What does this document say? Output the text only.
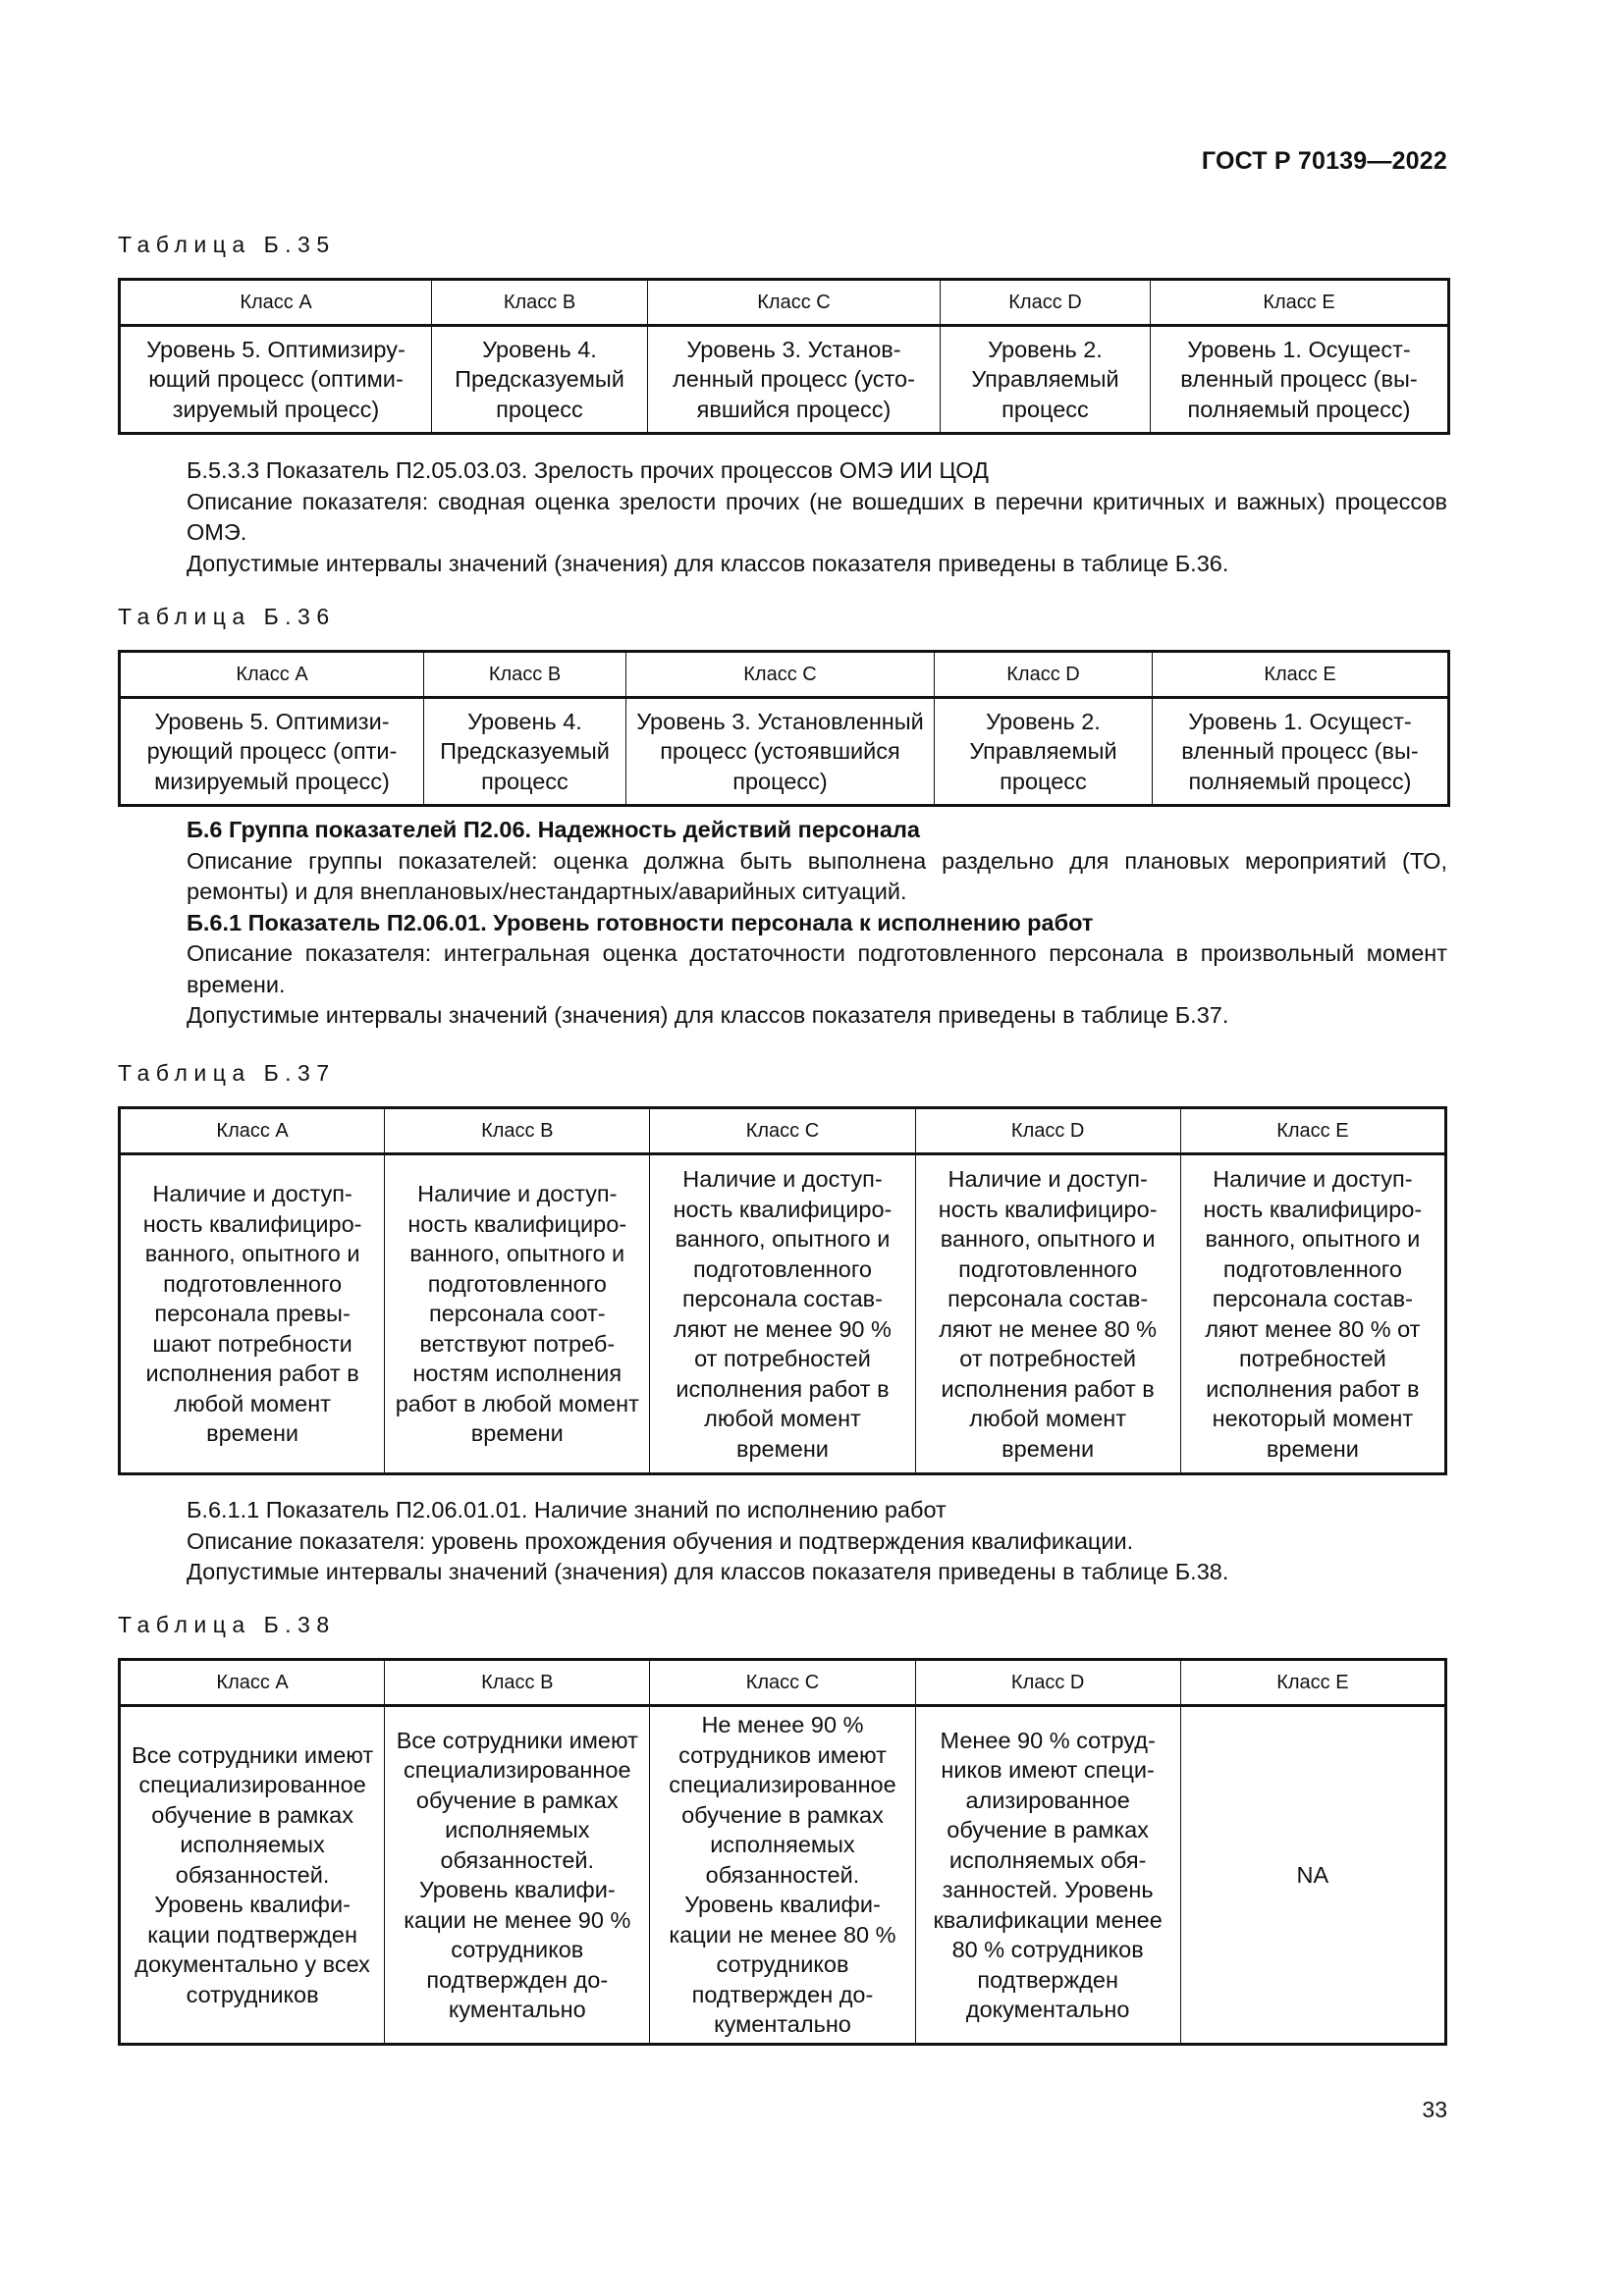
ГОСТ Р 70139—2022
Таблица Б.35
Класс A	Класс B	Класс C	Класс D	Класс E
Уровень 5. Оптимизирующий процесс (оптимизируемый процесс)	Уровень 4. Предсказуемый процесс	Уровень 3. Установленный процесс (устоявшийся процесс)	Уровень 2. Управляемый процесс	Уровень 1. Осуществленный процесс (выполняемый процесс)
Б.5.3.3 Показатель П2.05.03.03. Зрелость прочих процессов ОМЭ ИИ ЦОД
Описание показателя: сводная оценка зрелости прочих (не вошедших в перечни критичных и важных) процессов ОМЭ.
Допустимые интервалы значений (значения) для классов показателя приведены в таблице Б.36.
Таблица Б.36
Класс A	Класс B	Класс C	Класс D	Класс E
Уровень 5. Оптимизирующий процесс (оптимизируемый процесс)	Уровень 4. Предсказуемый процесс	Уровень 3. Установленный процесс (устоявшийся процесс)	Уровень 2. Управляемый процесс	Уровень 1. Осуществленный процесс (выполняемый процесс)
Б.6 Группа показателей П2.06. Надежность действий персонала
Описание группы показателей: оценка должна быть выполнена раздельно для плановых мероприятий (ТО, ремонты) и для внеплановых/нестандартных/аварийных ситуаций.
Б.6.1 Показатель П2.06.01. Уровень готовности персонала к исполнению работ
Описание показателя: интегральная оценка достаточности подготовленного персонала в произвольный момент времени.
Допустимые интервалы значений (значения) для классов показателя приведены в таблице Б.37.
Таблица Б.37
Класс A	Класс B	Класс C	Класс D	Класс E
Наличие и доступность квалифицированного, опытного и подготовленного персонала превышают потребности исполнения работ в любой момент времени	Наличие и доступность квалифицированного, опытного и подготовленного персонала соответствуют потребностям исполнения работ в любой момент времени	Наличие и доступность квалифицированного, опытного и подготовленного персонала составляют не менее 90 % от потребностей исполнения работ в любой момент времени	Наличие и доступность квалифицированного, опытного и подготовленного персонала составляют не менее 80 % от потребностей исполнения работ в любой момент времени	Наличие и доступность квалифицированного, опытного и подготовленного персонала составляют менее 80 % от потребностей исполнения работ в некоторый момент времени
Б.6.1.1 Показатель П2.06.01.01. Наличие знаний по исполнению работ
Описание показателя: уровень прохождения обучения и подтверждения квалификации.
Допустимые интервалы значений (значения) для классов показателя приведены в таблице Б.38.
Таблица Б.38
Класс A	Класс B	Класс C	Класс D	Класс E
Все сотрудники имеют специализированное обучение в рамках исполняемых обязанностей. Уровень квалификации подтвержден документально у всех сотрудников	Все сотрудники имеют специализированное обучение в рамках исполняемых обязанностей. Уровень квалификации не менее 90 % сотрудников подтвержден документально	Не менее 90 % сотрудников имеют специализированное обучение в рамках исполняемых обязанностей. Уровень квалификации не менее 80 % сотрудников подтвержден документально	Менее 90 % сотрудников имеют специализированное обучение в рамках исполняемых обязанностей. Уровень квалификации менее 80 % сотрудников подтвержден документально	NA
33
